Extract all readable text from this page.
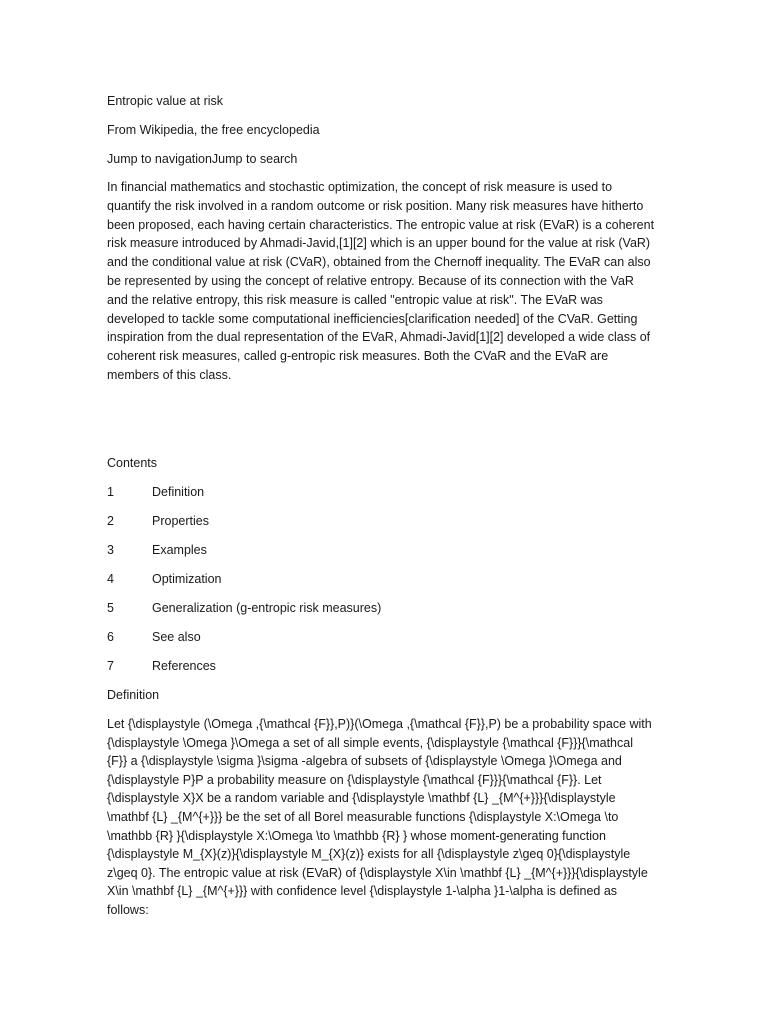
Entropic value at risk
From Wikipedia, the free encyclopedia
Jump to navigationJump to search
In financial mathematics and stochastic optimization, the concept of risk measure is used to
quantify the risk involved in a random outcome or risk position. Many risk measures have hitherto
been proposed, each having certain characteristics. The entropic value at risk (EVaR) is a coherent
risk measure introduced by Ahmadi-Javid,[1][2] which is an upper bound for the value at risk (VaR)
and the conditional value at risk (CVaR), obtained from the Chernoff inequality. The EVaR can also
be represented by using the concept of relative entropy. Because of its connection with the VaR
and the relative entropy, this risk measure is called "entropic value at risk". The EVaR was
developed to tackle some computational inefficiencies[clarification needed] of the CVaR. Getting
inspiration from the dual representation of the EVaR, Ahmadi-Javid[1][2] developed a wide class of
coherent risk measures, called g-entropic risk measures. Both the CVaR and the EVaR are
members of this class.
Contents
1	Definition
2	Properties
3	Examples
4	Optimization
5	Generalization (g-entropic risk measures)
6	See also
7	References
Definition
Let {\displaystyle (\Omega ,{\mathcal {F}},P)}(\Omega ,{\mathcal {F}},P) be a probability space with
{\displaystyle \Omega }\Omega a set of all simple events, {\displaystyle {\mathcal {F}}}{\mathcal
{F}} a {\displaystyle \sigma }\sigma -algebra of subsets of {\displaystyle \Omega }\Omega and
{\displaystyle P}P a probability measure on {\displaystyle {\mathcal {F}}}{\mathcal {F}}. Let
{\displaystyle X}X be a random variable and {\displaystyle \mathbf {L} _{M^{+}}}{\displaystyle
\mathbf {L} _{M^{+}}} be the set of all Borel measurable functions {\displaystyle X:\Omega \to
\mathbb {R} }{\displaystyle X:\Omega \to \mathbb {R} } whose moment-generating function
{\displaystyle M_{X}(z)}{\displaystyle M_{X}(z)} exists for all {\displaystyle z\geq 0}{\displaystyle
z\geq 0}. The entropic value at risk (EVaR) of {\displaystyle X\in \mathbf {L} _{M^{+}}}{\displaystyle
X\in \mathbf {L} _{M^{+}}} with confidence level {\displaystyle 1-\alpha }1-\alpha is defined as
follows:
